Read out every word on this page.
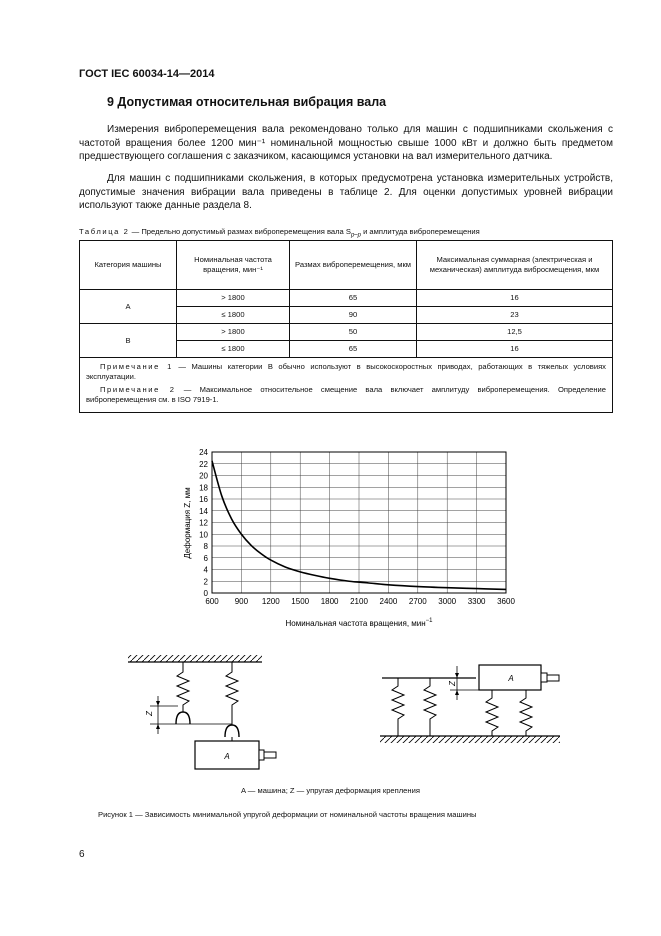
ГОСТ IEC 60034-14—2014
9 Допустимая относительная вибрация вала

Измерения виброперемещения вала рекомендовано только для машин с подшипниками скольжения с частотой вращения более 1200 мин⁻¹ номинальной мощностью свыше 1000 кВт и должно быть предметом предшествующего соглашения с заказчиком, касающимся установки на вал измерительного датчика.

Для машин с подшипниками скольжения, в которых предусмотрена установка измерительных устройств, допустимые значения вибрации вала приведены в таблице 2. Для оценки допустимых уровней вибрации используют также данные раздела 8.

Таблица 2 — Предельно допустимый размах виброперемещения вала $S_{p-p}$ и амплитуда виброперемещения
Категория машины	Номинальная частота вращения, мин⁻¹	Размах виброперемещения, мкм	Максимальная суммарная (электрическая и механическая) амплитуда вибросмещения, мкм
А	> 1800	65	16
	≤ 1800	90	23
В	> 1800	50	12,5
	≤ 1800	65	16

Примечание 1 — Машины категории В обычно используют в высокоскоростных приводах, работающих в тяжелых условиях эксплуатации.

Примечание 2 — Максимальное относительное смещение вала включает амплитуду виброперемещения. Определение виброперемещения см. в ISO 7919-1.			

600 900 1200 1500 1800 2100 2400 2700 3000 3300 3600
0
2
4
6
8
10
12
14
16
18
20
22
24
Номинальная частота вращения, мин$^{-1}$
Деформация Z, мм
A
Z
A
Z
A — машина; Z — упругая деформация крепления
Рисунок 1 — Зависимость минимальной упругой деформации от номинальной частоты вращения машины
6
